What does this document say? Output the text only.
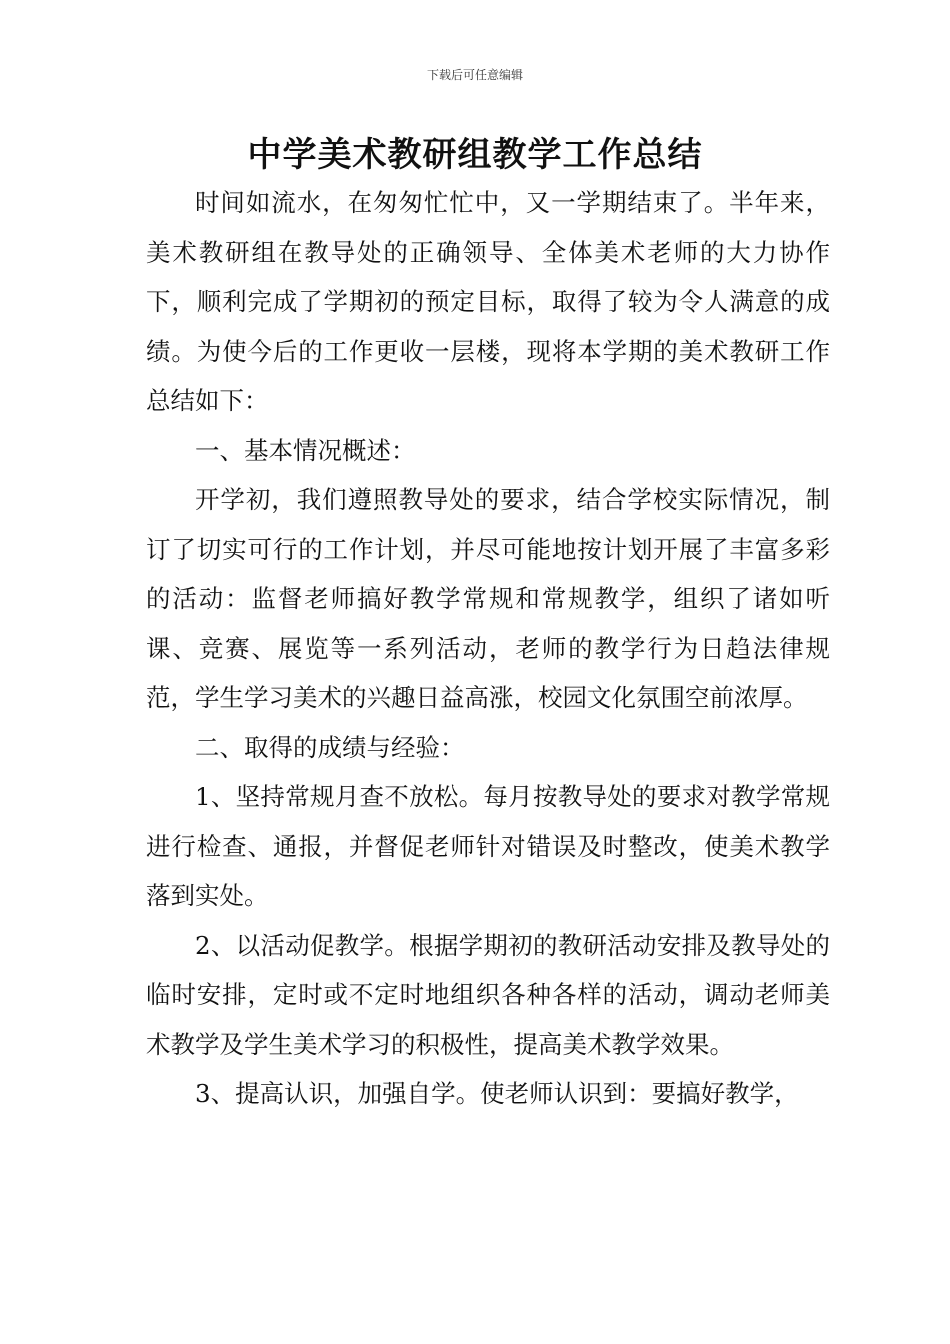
下载后可任意编辑
中学美术教研组教学工作总结

时间如流水，在匆匆忙忙中，又一学期结束了。半年来，美术教研组在教导处的正确领导、全体美术老师的大力协作下，顺利完成了学期初的预定目标，取得了较为令人满意的成绩。为使今后的工作更收一层楼，现将本学期的美术教研工作总结如下：

一、基本情况概述：

开学初，我们遵照教导处的要求，结合学校实际情况，制订了切实可行的工作计划，并尽可能地按计划开展了丰富多彩的活动：监督老师搞好教学常规和常规教学，组织了诸如听课、竞赛、展览等一系列活动，老师的教学行为日趋法律规范，学生学习美术的兴趣日益高涨，校园文化氛围空前浓厚。

二、取得的成绩与经验：

1、坚持常规月查不放松。每月按教导处的要求对教学常规进行检查、通报，并督促老师针对错误及时整改，使美术教学落到实处。

2、以活动促教学。根据学期初的教研活动安排及教导处的临时安排，定时或不定时地组织各种各样的活动，调动老师美术教学及学生美术学习的积极性，提高美术教学效果。

3、提高认识，加强自学。使老师认识到：要搞好教学，
